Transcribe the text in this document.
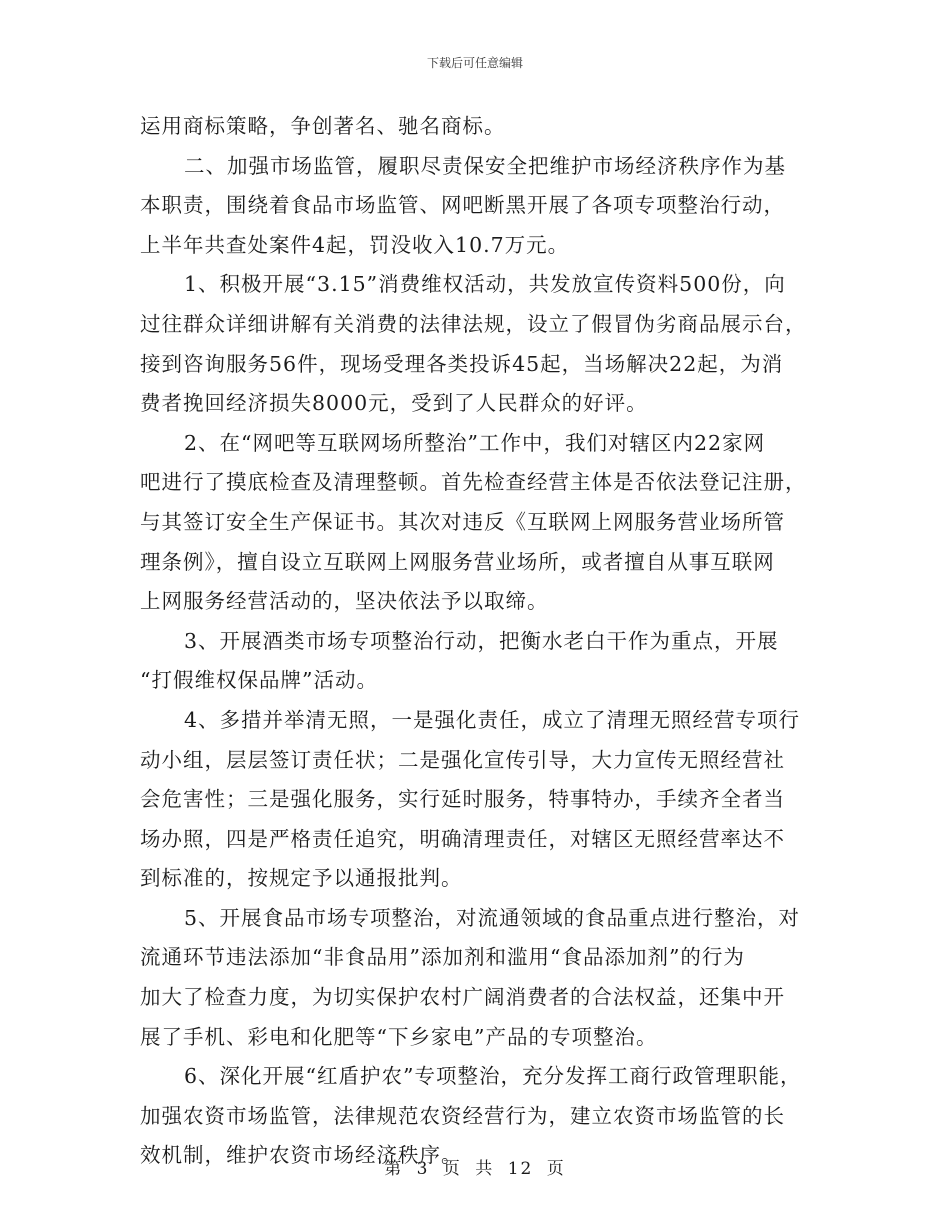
下载后可任意编辑
运用商标策略，争创著名、驰名商标。
二、加强市场监管，履职尽责保安全把维护市场经济秩序作为基
本职责，围绕着食品市场监管、网吧断黑开展了各项专项整治行动，
上半年共查处案件4起，罚没收入10.7万元。
1、积极开展“3.15”消费维权活动，共发放宣传资料500份，向
过往群众详细讲解有关消费的法律法规，设立了假冒伪劣商品展示台，
接到咨询服务56件，现场受理各类投诉45起，当场解决22起，为消
费者挽回经济损失8000元，受到了人民群众的好评。
2、在“网吧等互联网场所整治”工作中，我们对辖区内22家网
吧进行了摸底检查及清理整顿。首先检查经营主体是否依法登记注册，
与其签订安全生产保证书。其次对违反《互联网上网服务营业场所管
理条例》，擅自设立互联网上网服务营业场所，或者擅自从事互联网
上网服务经营活动的，坚决依法予以取缔。
3、开展酒类市场专项整治行动，把衡水老白干作为重点，开展
“打假维权保品牌”活动。
4、多措并举清无照，一是强化责任，成立了清理无照经营专项行
动小组，层层签订责任状；二是强化宣传引导，大力宣传无照经营社
会危害性；三是强化服务，实行延时服务，特事特办，手续齐全者当
场办照，四是严格责任追究，明确清理责任，对辖区无照经营率达不
到标准的，按规定予以通报批判。
5、开展食品市场专项整治，对流通领域的食品重点进行整治，对
流通环节违法添加“非食品用”添加剂和滥用“食品添加剂”的行为
加大了检查力度，为切实保护农村广阔消费者的合法权益，还集中开
展了手机、彩电和化肥等“下乡家电”产品的专项整治。
6、深化开展“红盾护农”专项整治，充分发挥工商行政管理职能，
加强农资市场监管，法律规范农资经营行为，建立农资市场监管的长
效机制，维护农资市场经济秩序。
第 3 页 共 12 页
